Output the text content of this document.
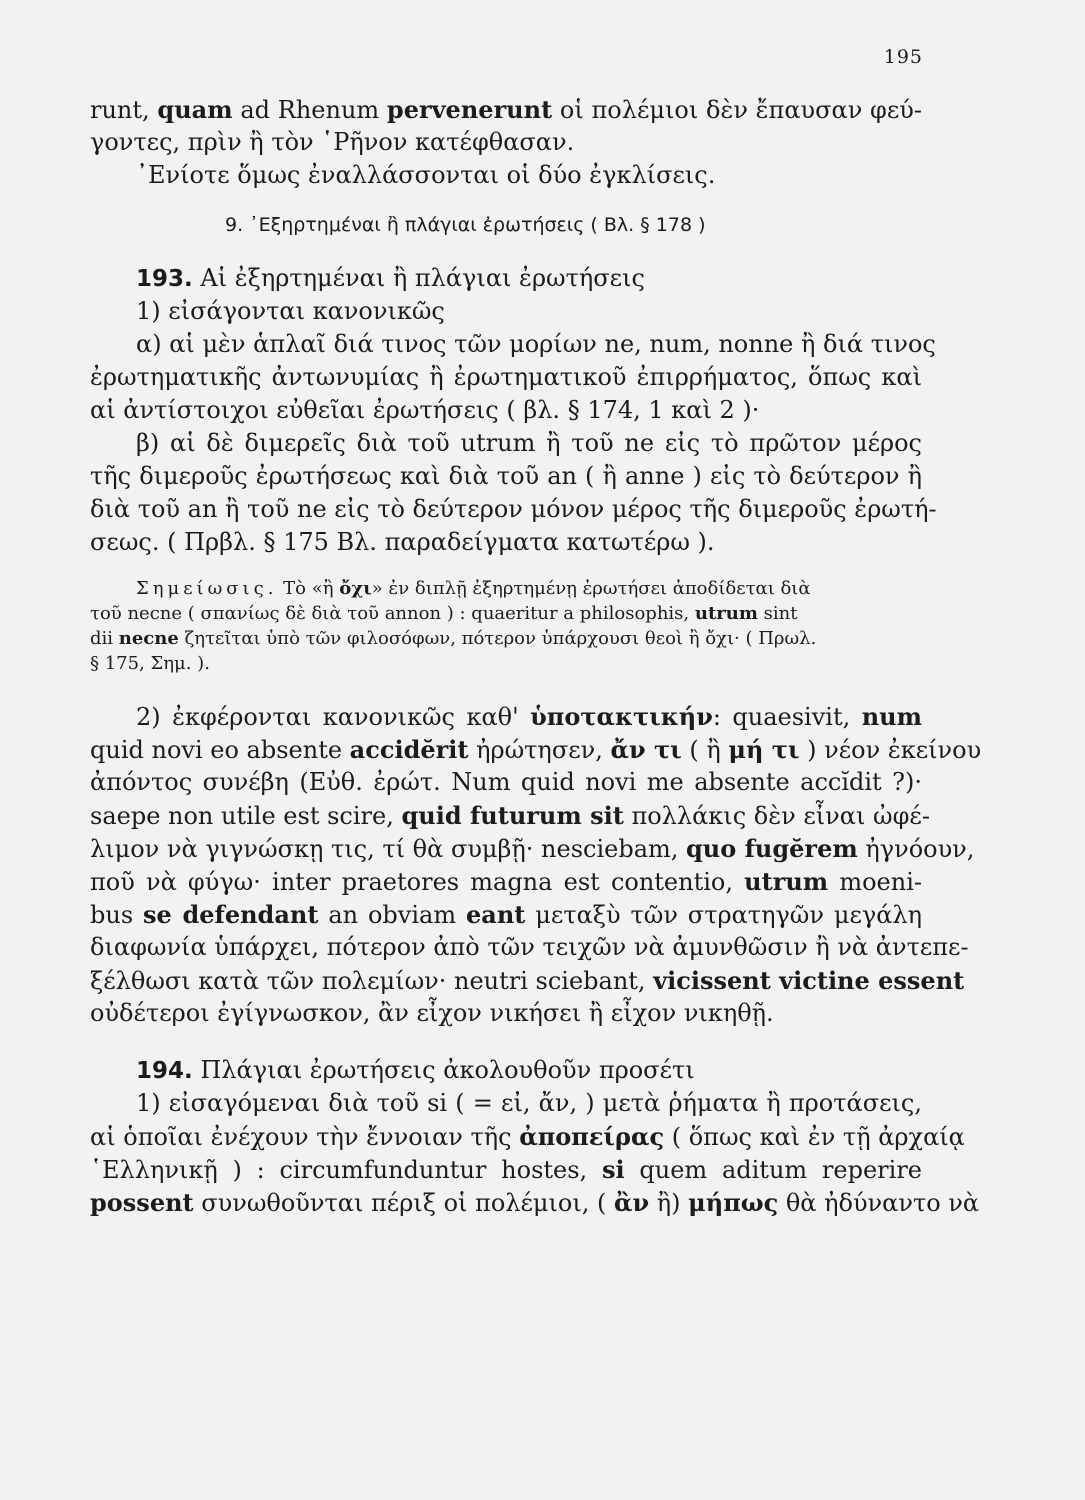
195
runt, quam ad Rhenum pervenerunt οἱ πολέμιοι δὲν ἔπαυσαν φεύ-
γοντες, πρὶν ἢ τὸν ῾Ρῆνον κατέφθασαν.
᾿Ενίοτε ὅμως ἐναλλάσσονται οἱ δύο ἐγκλίσεις.
9. ᾿Εξηρτημέναι ἢ πλάγιαι ἐρωτήσεις ( Βλ. § 178 )
193. Αἱ ἐξηρτημέναι ἢ πλάγιαι ἐρωτήσεις
1) εἰσάγονται κανονικῶς
α) αἱ μὲν ἁπλαῖ διά τινος τῶν μορίων ne, num, nonne ἢ διά τινος
ἐρωτηματικῆς ἀντωνυμίας ἢ ἐρωτηματικοῦ ἐπιρρήματος, ὅπως καὶ
αἱ ἀντίστοιχοι εὐθεῖαι ἐρωτήσεις ( βλ. § 174, 1 καὶ 2 )·
β) αἱ δὲ διμερεῖς διὰ τοῦ utrum ἢ τοῦ ne εἰς τὸ πρῶτον μέρος
τῆς διμεροῦς ἐρωτήσεως καὶ διὰ τοῦ an ( ἢ anne ) εἰς τὸ δεύτερον ἢ
διὰ τοῦ an ἢ τοῦ ne εἰς τὸ δεύτερον μόνον μέρος τῆς διμεροῦς ἐρωτή-
σεως. ( Πρβλ. § 175 Βλ. παραδείγματα κατωτέρω ).
Σημείωσις. Τὸ «ἢ ὄχι» ἐν διπλῇ ἐξηρτημένῃ ἐρωτήσει ἀποδίδεται διὰ
τοῦ necne ( σπανίως δὲ διὰ τοῦ annon ) : quaeritur a philosophis, utrum sint
dii necne ζητεῖται ὑπὸ τῶν φιλοσόφων, πότερον ὑπάρχουσι θεοὶ ἢ ὄχι· ( Πρωλ.
§ 175, Σημ. ).
2) ἐκφέρονται κανονικῶς καθ' ὑποτακτικήν: quaesivit, num
quid novi eo absente accidĕrit ἠρώτησεν, ἄν τι ( ἢ μή τι ) νέον ἐκείνου
ἀπόντος συνέβη (Εὐθ. ἐρώτ. Num quid novi me absente accĭdit ?)·
saepe non utile est scire, quid futurum sit πολλάκις δὲν εἶναι ὠφέ-
λιμον νὰ γιγνώσκῃ τις, τί θὰ συμβῇ· nesciebam, quo fugĕrem ἠγνόουν,
ποῦ νὰ φύγω· inter praetores magna est contentio, utrum moeni-
bus se defendant an obviam eant μεταξὺ τῶν στρατηγῶν μεγάλη
διαφωνία ὑπάρχει, πότερον ἀπὸ τῶν τειχῶν νὰ ἀμυνθῶσιν ἢ νὰ ἀντεπε-
ξέλθωσι κατὰ τῶν πολεμίων· neutri sciebant, vicissent victine essent
οὐδέτεροι ἐγίγνωσκον, ἂν εἶχον νικήσει ἢ εἶχον νικηθῇ.
194. Πλάγιαι ἐρωτήσεις ἀκολουθοῦν προσέτι
1) εἰσαγόμεναι διὰ τοῦ si ( = εἰ, ἄν, ) μετὰ ῥήματα ἢ προτάσεις,
αἱ ὁποῖαι ἐνέχουν τὴν ἔννοιαν τῆς ἀποπείρας ( ὅπως καὶ ἐν τῇ ἀρχαίᾳ
῾Ελληνικῇ ) : circumfunduntur hostes, si quem aditum reperire
possent συνωθοῦνται πέριξ οἱ πολέμιοι, ( ἂν ἢ) μήπως θὰ ἠδύναντο νὰ
